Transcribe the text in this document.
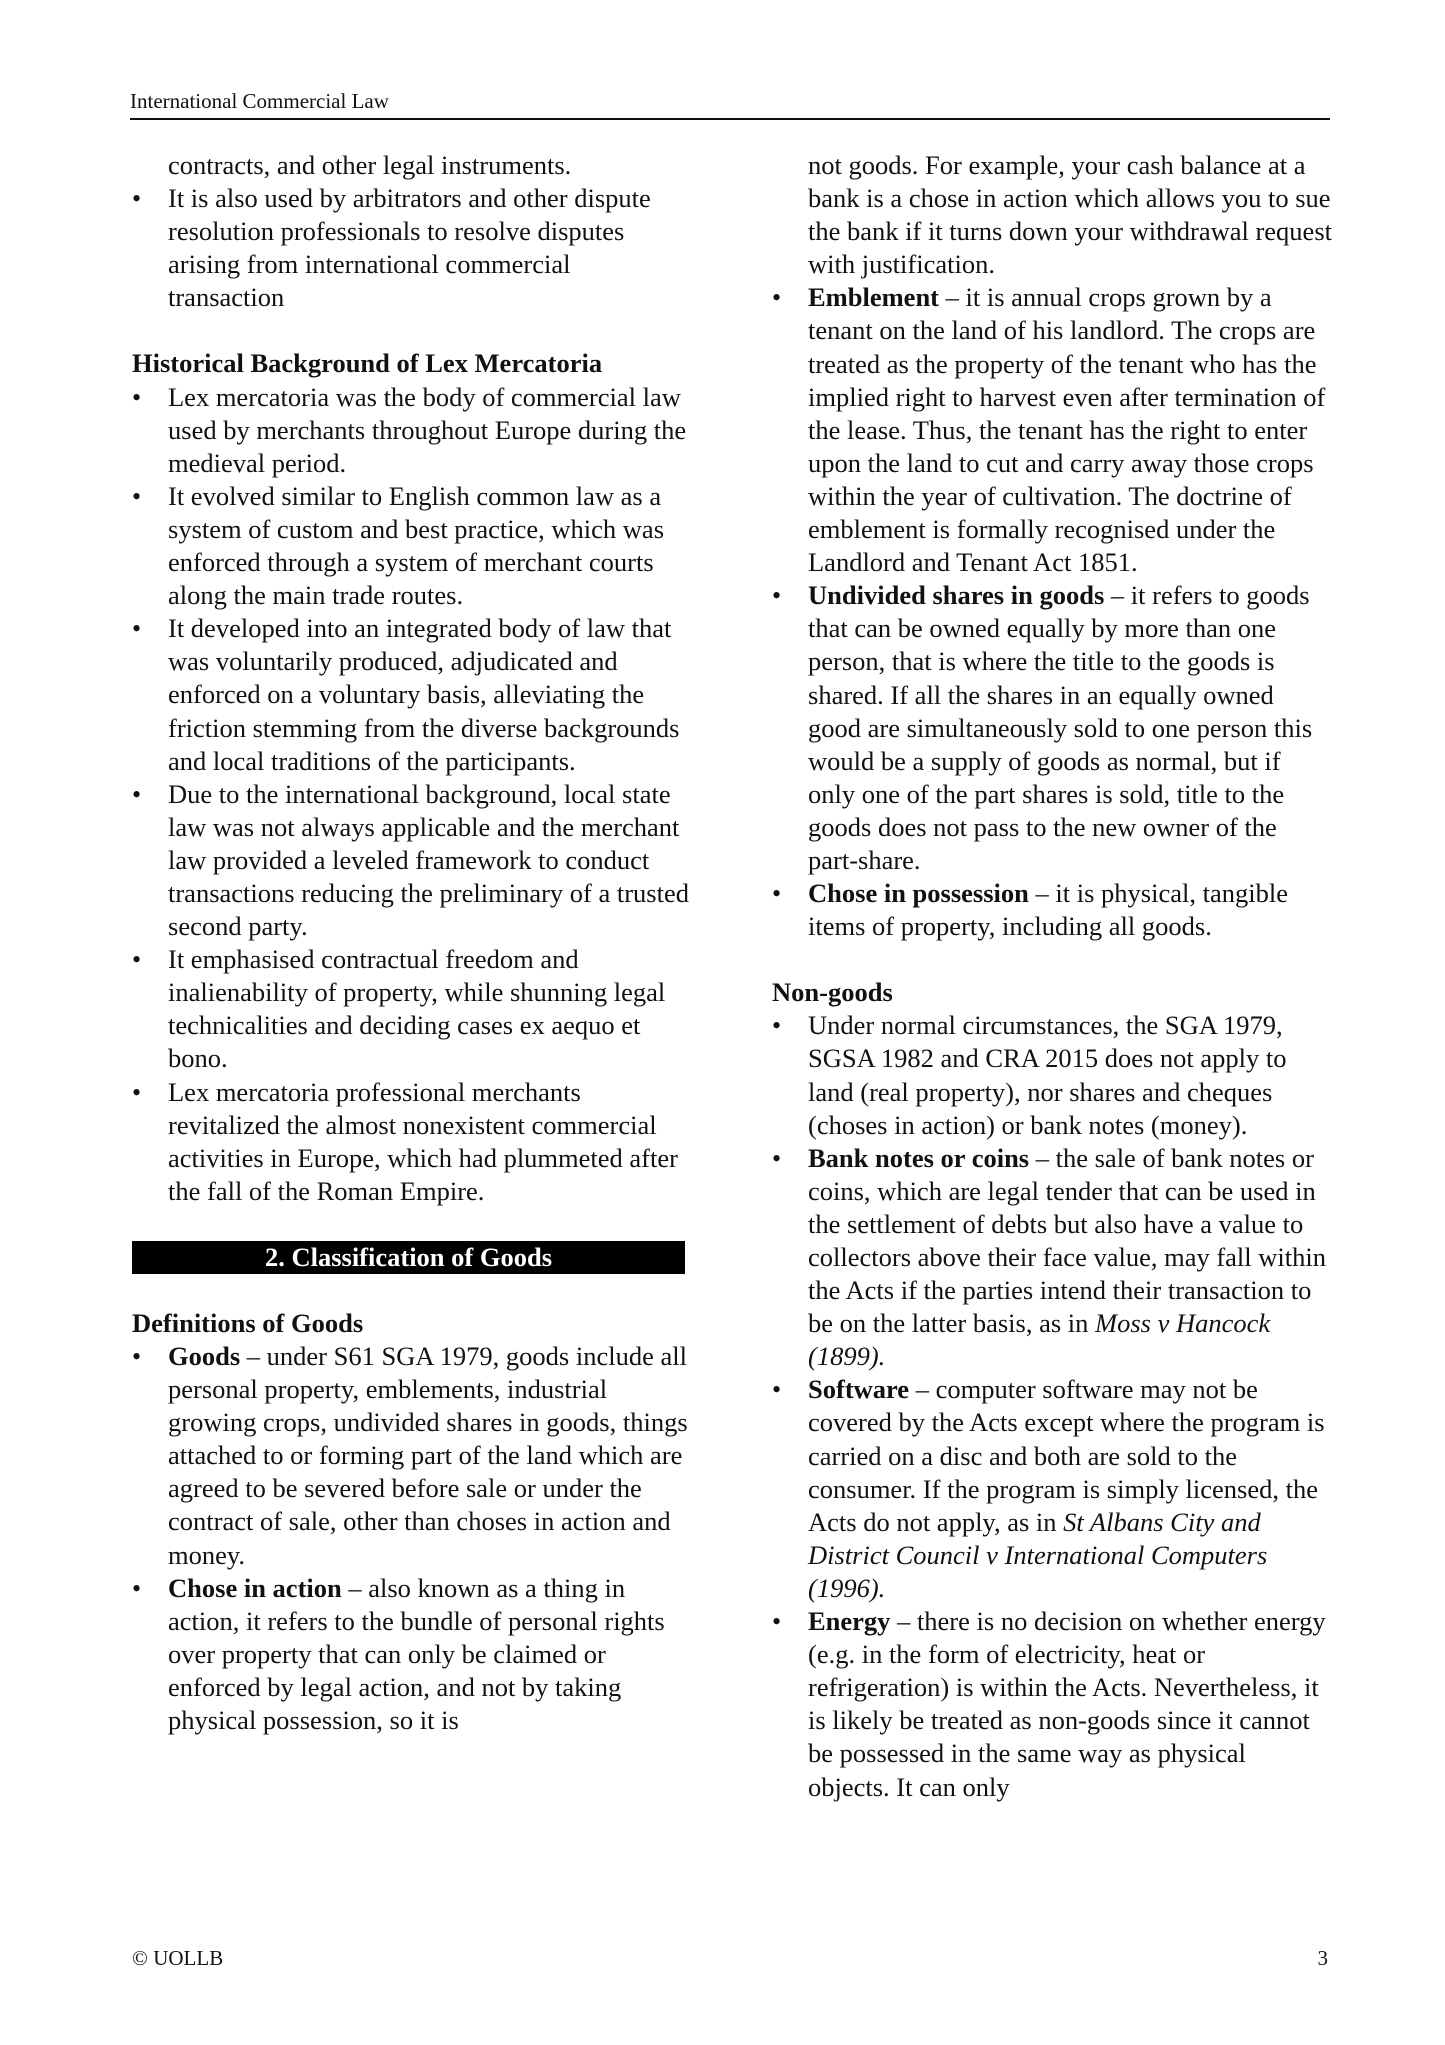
International Commercial Law

contracts, and other legal instruments.

• It is also used by arbitrators and other dispute resolution professionals to resolve disputes arising from international commercial transaction

Historical Background of Lex Mercatoria

• Lex mercatoria was the body of commercial law used by merchants throughout Europe during the medieval period.
• It evolved similar to English common law as a system of custom and best practice, which was enforced through a system of merchant courts along the main trade routes.
• It developed into an integrated body of law that was voluntarily produced, adjudicated and enforced on a voluntary basis, alleviating the friction stemming from the diverse backgrounds and local traditions of the participants.
• Due to the international background, local state law was not always applicable and the merchant law provided a leveled framework to conduct transactions reducing the preliminary of a trusted second party.
• It emphasised contractual freedom and inalienability of property, while shunning legal technicalities and deciding cases ex aequo et bono.
• Lex mercatoria professional merchants revitalized the almost nonexistent commercial activities in Europe, which had plummeted after the fall of the Roman Empire.
2. Classification of Goods

Definitions of Goods

• Goods – under S61 SGA 1979, goods include all personal property, emblements, industrial growing crops, undivided shares in goods, things attached to or forming part of the land which are agreed to be severed before sale or under the contract of sale, other than choses in action and money.
• Chose in action – also known as a thing in action, it refers to the bundle of personal rights over property that can only be claimed or enforced by legal action, and not by taking physical possession, so it is

not goods. For example, your cash balance at a bank is a chose in action which allows you to sue the bank if it turns down your withdrawal request with justification.

• Emblement – it is annual crops grown by a tenant on the land of his landlord. The crops are treated as the property of the tenant who has the implied right to harvest even after termination of the lease. Thus, the tenant has the right to enter upon the land to cut and carry away those crops within the year of cultivation. The doctrine of emblement is formally recognised under the Landlord and Tenant Act 1851.
• Undivided shares in goods – it refers to goods that can be owned equally by more than one person, that is where the title to the goods is shared. If all the shares in an equally owned good are simultaneously sold to one person this would be a supply of goods as normal, but if only one of the part shares is sold, title to the goods does not pass to the new owner of the part-share.
• Chose in possession – it is physical, tangible items of property, including all goods.

Non-goods

• Under normal circumstances, the SGA 1979, SGSA 1982 and CRA 2015 does not apply to land (real property), nor shares and cheques (choses in action) or bank notes (money).
• Bank notes or coins – the sale of bank notes or coins, which are legal tender that can be used in the settlement of debts but also have a value to collectors above their face value, may fall within the Acts if the parties intend their transaction to be on the latter basis, as in Moss v Hancock (1899).
• Software – computer software may not be covered by the Acts except where the program is carried on a disc and both are sold to the consumer. If the program is simply licensed, the Acts do not apply, as in St Albans City and District Council v International Computers (1996).
• Energy – there is no decision on whether energy (e.g. in the form of electricity, heat or refrigeration) is within the Acts. Nevertheless, it is likely be treated as non-goods since it cannot be possessed in the same way as physical objects. It can only
© UOLLB	3
